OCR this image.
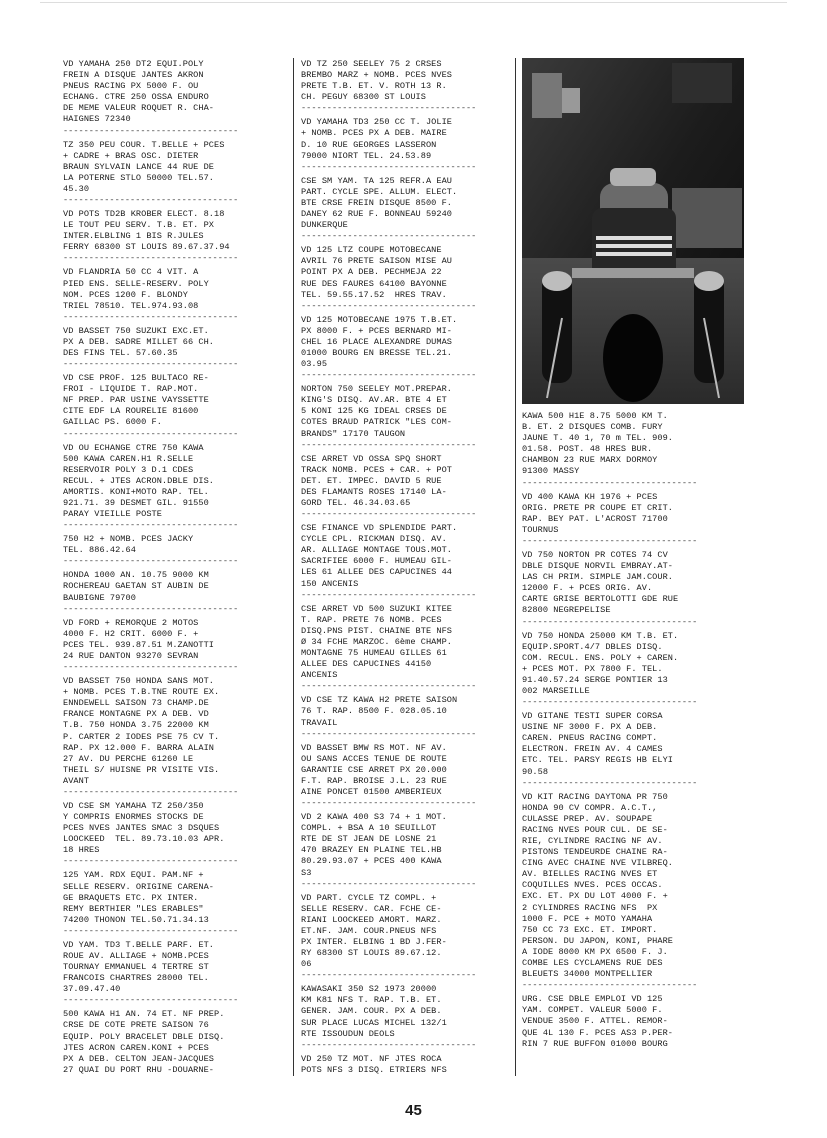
VD YAMAHA 250 DT2 EQUI.POLY
FREIN A DISQUE JANTES AKRON
PNEUS RACING PX 5000 F. OU
ECHANG. CTRE 250 OSSA ENDURO
DE MEME VALEUR ROQUET R. CHA-
HAIGNES 72340
----------------------------------
TZ 350 PEU COUR. T.BELLE + PCES
+ CADRE + BRAS OSC. DIETER
BRAUN SYLVAIN LANCE 44 RUE DE
LA POTERNE STLO 50000 TEL.57.
45.30
----------------------------------
VD POTS TD2B KROBER ELECT. 8.18
LE TOUT PEU SERV. T.B. ET. PX
INTER.ELBLING 1 BIS R.JULES
FERRY 68300 ST LOUIS 89.67.37.94
----------------------------------
VD FLANDRIA 50 CC 4 VIT. A
PIED ENS. SELLE-RESERV. POLY
NOM. PCES 1200 F. BLONDY
TRIEL 78510. TEL.974.93.08
----------------------------------
VD BASSET 750 SUZUKI EXC.ET.
PX A DEB. SADRE MILLET 66 CH.
DES FINS TEL. 57.60.35
----------------------------------
VD CSE PROF. 125 BULTACO RE-
FROI - LIQUIDE T. RAP.MOT.
NF PREP. PAR USINE VAYSSETTE
CITE EDF LA ROURELIE 81600
GAILLAC PS. 6000 F.
----------------------------------
VD OU ECHANGE CTRE 750 KAWA
500 KAWA CAREN.H1 R.SELLE
RESERVOIR POLY 3 D.1 CDES
RECUL. + JTES ACRON.DBLE DIS.
AMORTIS. KONI+MOTO RAP. TEL.
921.71. 39 DESMET GIL. 91550
PARAY VIEILLE POSTE
----------------------------------
750 H2 + NOMB. PCES JACKY
TEL. 886.42.64
----------------------------------
HONDA 1000 AN. 10.75 9000 KM
ROCHEREAU GAETAN ST AUBIN DE
BAUBIGNE 79700
----------------------------------
VD FORD + REMORQUE 2 MOTOS
4000 F. H2 CRIT. 6000 F. +
PCES TEL. 939.87.51 M.ZANOTTI
24 RUE DANTON 93270 SEVRAN
----------------------------------
VD BASSET 750 HONDA SANS MOT.
+ NOMB. PCES T.B.TNE ROUTE EX.
ENNDEWELL SAISON 73 CHAMP.DE
FRANCE MONTAGNE PX A DEB. VD
T.B. 750 HONDA 3.75 22000 KM
P. CARTER 2 IODES PSE 75 CV T.
RAP. PX 12.000 F. BARRA ALAIN
27 AV. DU PERCHE 61260 LE
THEIL S/ HUISNE PR VISITE VIS.
AVANT
----------------------------------
VD CSE SM YAMAHA TZ 250/350
Y COMPRIS ENORMES STOCKS DE
PCES NVES JANTES SMAC 3 DSQUES
LOOCKEED  TEL. 89.73.10.03 APR.
18 HRES
----------------------------------
125 YAM. RDX EQUI. PAM.NF +
SELLE RESERV. ORIGINE CARENA-
GE BRAQUETS ETC. PX INTER.
REMY BERTHIER "LES ERABLES"
74200 THONON TEL.50.71.34.13
----------------------------------
VD YAM. TD3 T.BELLE PARF. ET.
ROUE AV. ALLIAGE + NOMB.PCES
TOURNAY EMMANUEL 4 TERTRE ST
FRANCOIS CHARTRES 28000 TEL.
37.09.47.40
----------------------------------
500 KAWA H1 AN. 74 ET. NF PREP.
CRSE DE COTE PRETE SAISON 76
EQUIP. POLY BRACELET DBLE DISQ.
JTES ACRON CAREN.KONI + PCES
PX A DEB. CELTON JEAN-JACQUES
27 QUAI DU PORT RHU -DOUARNE-

VD TZ 250 SEELEY 75 2 CRSES
BREMBO MARZ + NOMB. PCES NVES
PRETE T.B. ET. V. ROTH 13 R.
CH. PEGUY 68300 ST LOUIS
----------------------------------
VD YAMAHA TD3 250 CC T. JOLIE
+ NOMB. PCES PX A DEB. MAIRE
D. 10 RUE GEORGES LASSERON
79000 NIORT TEL. 24.53.89
----------------------------------
CSE SM YAM. TA 125 REFR.A EAU
PART. CYCLE SPE. ALLUM. ELECT.
BTE CRSE FREIN DISQUE 8500 F.
DANEY 62 RUE F. BONNEAU 59240
DUNKERQUE
----------------------------------
VD 125 LTZ COUPE MOTOBECANE
AVRIL 76 PRETE SAISON MISE AU
POINT PX A DEB. PECHMEJA 22
RUE DES FAURES 64100 BAYONNE
TEL. 59.55.17.52  HRES TRAV.
----------------------------------
VD 125 MOTOBECANE 1975 T.B.ET.
PX 8000 F. + PCES BERNARD MI-
CHEL 16 PLACE ALEXANDRE DUMAS
01000 BOURG EN BRESSE TEL.21.
03.95
----------------------------------
NORTON 750 SEELEY MOT.PREPAR.
KING'S DISQ. AV.AR. BTE 4 ET
5 KONI 125 KG IDEAL CRSES DE
COTES BRAUD PATRICK "LES COM-
BRANDS" 17170 TAUGON
----------------------------------
CSE ARRET VD OSSA SPQ SHORT
TRACK NOMB. PCES + CAR. + POT
DET. ET. IMPEC. DAVID 5 RUE
DES FLAMANTS ROSES 17140 LA-
GORD TEL. 46.34.03.65
----------------------------------
CSE FINANCE VD SPLENDIDE PART.
CYCLE CPL. RICKMAN DISQ. AV.
AR. ALLIAGE MONTAGE TOUS.MOT.
SACRIFIEE 6000 F. HUMEAU GIL-
LES 61 ALLEE DES CAPUCINES 44
150 ANCENIS
----------------------------------
CSE ARRET VD 500 SUZUKI KITEE
T. RAP. PRETE 76 NOMB. PCES
DISQ.PNS PIST. CHAINE BTE NFS
Ø 34 FCHE MARZOC. 6ème CHAMP.
MONTAGNE 75 HUMEAU GILLES 61
ALLEE DES CAPUCINES 44150
ANCENIS
----------------------------------
VD CSE TZ KAWA H2 PRETE SAISON
76 T. RAP. 8500 F. 028.05.10
TRAVAIL
----------------------------------
VD BASSET BMW RS MOT. NF AV.
OU SANS ACCES TENUE DE ROUTE
GARANTIE CSE ARRET PX 20.000
F.T. RAP. BROISE J.L. 23 RUE
AINE PONCET 01500 AMBERIEUX
----------------------------------
VD 2 KAWA 400 S3 74 + 1 MOT.
COMPL. + BSA A 10 SEUILLOT
RTE DE ST JEAN DE LOSNE 21
470 BRAZEY EN PLAINE TEL.HB
80.29.93.07 + PCES 400 KAWA
S3
----------------------------------
VD PART. CYCLE TZ COMPL. +
SELLE RESERV. CAR. FCHE CE-
RIANI LOOCKEED AMORT. MARZ.
ET.NF. JAM. COUR.PNEUS NFS
PX INTER. ELBING 1 BD J.FER-
RY 68300 ST LOUIS 89.67.12.
06
----------------------------------
KAWASAKI 350 S2 1973 20000
KM K81 NFS T. RAP. T.B. ET.
GENER. JAM. COUR. PX A DEB.
SUR PLACE LUCAS MICHEL 132/1
RTE ISSOUDUN DEOLS
----------------------------------
VD 250 TZ MOT. NF JTES ROCA
POTS NFS 3 DISQ. ETRIERS NFS

KAWA 500 H1E 8.75 5000 KM T.
B. ET. 2 DISQUES COMB. FURY
JAUNE T. 40 1, 70 m TEL. 909.
01.58. POST. 48 HRES BUR.
CHAMBON 23 RUE MARX DORMOY
91300 MASSY
----------------------------------
VD 400 KAWA KH 1976 + PCES
ORIG. PRETE PR COUPE ET CRIT.
RAP. BEY PAT. L'ACROST 71700
TOURNUS
----------------------------------
VD 750 NORTON PR COTES 74 CV
DBLE DISQUE NORVIL EMBRAY.AT-
LAS CH PRIM. SIMPLE JAM.COUR.
12000 F. + PCES ORIG. AV.
CARTE GRISE BERTOLOTTI GDE RUE
82800 NEGREPELISE
----------------------------------
VD 750 HONDA 25000 KM T.B. ET.
EQUIP.SPORT.4/7 DBLES DISQ.
COM. RECUL. ENS. POLY + CAREN.
+ PCES MOT. PX 7800 F. TEL.
91.40.57.24 SERGE PONTIER 13
002 MARSEILLE
----------------------------------
VD GITANE TESTI SUPER CORSA
USINE NF 3000 F. PX A DEB.
CAREN. PNEUS RACING COMPT.
ELECTRON. FREIN AV. 4 CAMES
ETC. TEL. PARSY REGIS HB ELYI
90.58
----------------------------------
VD KIT RACING DAYTONA PR 750
HONDA 90 CV COMPR. A.C.T.,
CULASSE PREP. AV. SOUPAPE
RACING NVES POUR CUL. DE SE-
RIE, CYLINDRE RACING NF AV.
PISTONS TENDEURDE CHAINE RA-
CING AVEC CHAINE NVE VILBREQ.
AV. BIELLES RACING NVES ET
COQUILLES NVES. PCES OCCAS.
EXC. ET. PX DU LOT 4000 F. +
2 CYLINDRES RACING NFS  PX
1000 F. PCE + MOTO YAMAHA
750 CC 73 EXC. ET. IMPORT.
PERSON. DU JAPON, KONI, PHARE
A IODE 8000 KM PX 6500 F. J.
COMBE LES CYCLAMENS RUE DES
BLEUETS 34000 MONTPELLIER
----------------------------------
URG. CSE DBLE EMPLOI VD 125
YAM. COMPET. VALEUR 5000 F.
VENDUE 3500 F. ATTEL. REMOR-
QUE 4L 130 F. PCES AS3 P.PER-
RIN 7 RUE BUFFON 01000 BOURG
45
